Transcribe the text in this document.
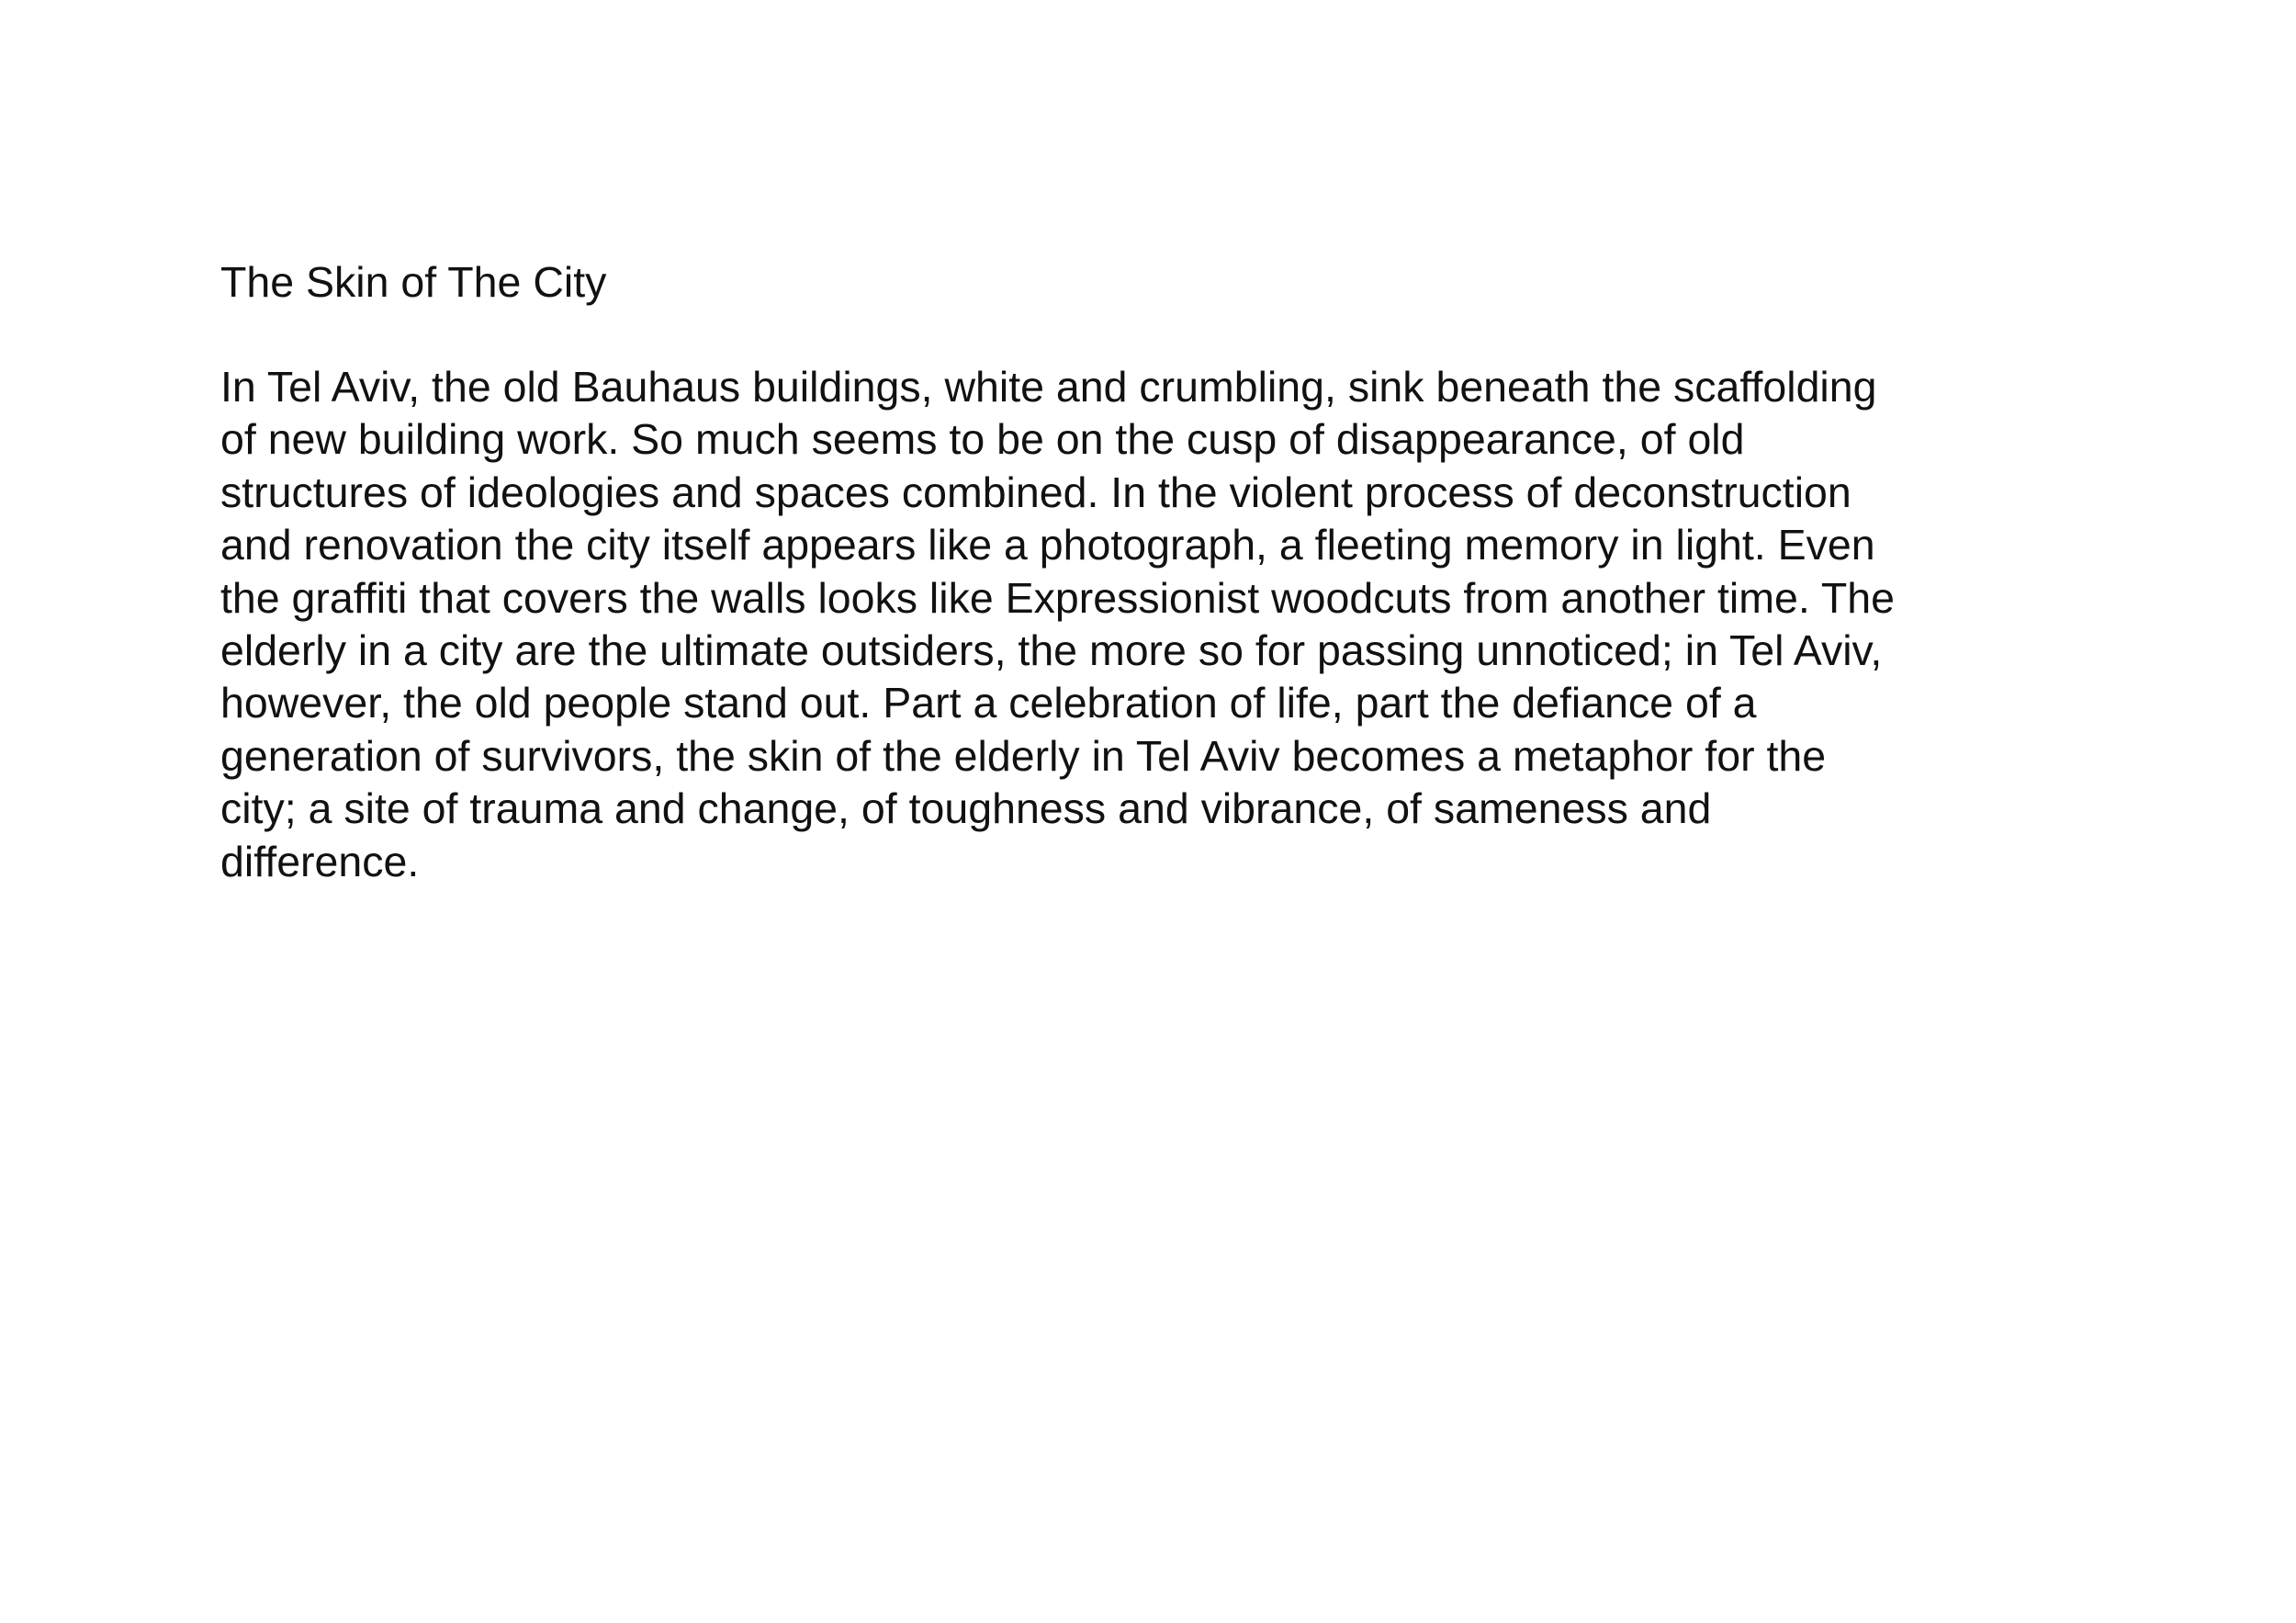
The Skin of The City
In Tel Aviv, the old Bauhaus buildings, white and crumbling, sink beneath the scaffolding
of new building work. So much seems to be on the cusp of disappearance, of old
structures of ideologies and spaces combined. In the violent process of deconstruction
and renovation the city itself appears like a photograph, a fleeting memory in light. Even
the graffiti that covers the walls looks like Expressionist woodcuts from another time. The
elderly in a city are the ultimate outsiders, the more so for passing unnoticed; in Tel Aviv,
however, the old people stand out. Part a celebration of life, part the defiance of a
generation of survivors, the skin of the elderly in Tel Aviv becomes a metaphor for the
city; a site of trauma and change, of toughness and vibrance, of sameness and
difference.
